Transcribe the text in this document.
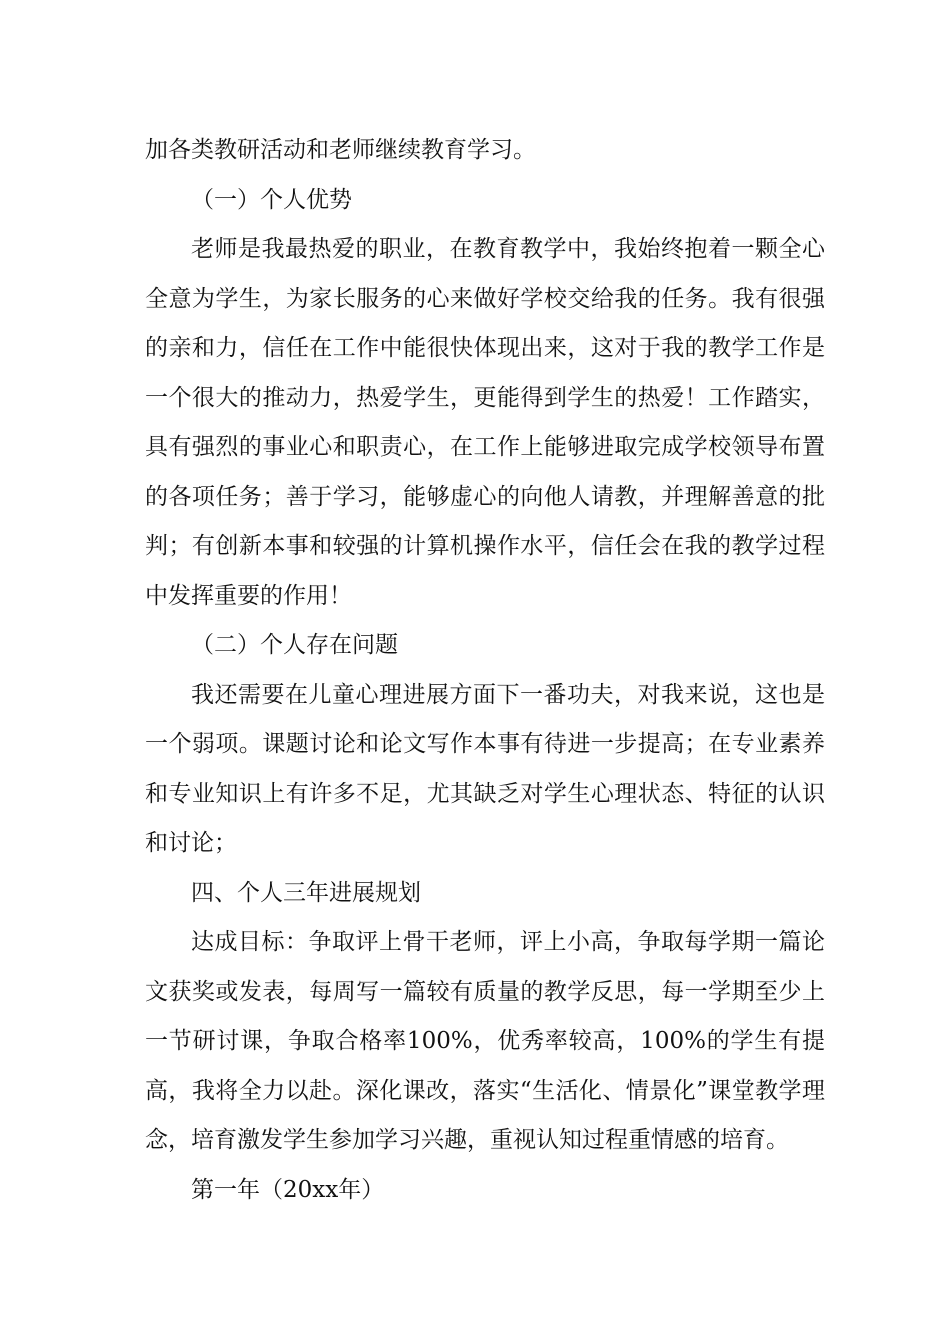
加各类教研活动和老师继续教育学习。

（一）个人优势

老师是我最热爱的职业，在教育教学中，我始终抱着一颗全心全意为学生，为家长服务的心来做好学校交给我的任务。我有很强的亲和力，信任在工作中能很快体现出来，这对于我的教学工作是一个很大的推动力，热爱学生，更能得到学生的热爱！工作踏实，具有强烈的事业心和职责心，在工作上能够进取完成学校领导布置的各项任务；善于学习，能够虚心的向他人请教，并理解善意的批判；有创新本事和较强的计算机操作水平，信任会在我的教学过程中发挥重要的作用！

（二）个人存在问题

我还需要在儿童心理进展方面下一番功夫，对我来说，这也是一个弱项。课题讨论和论文写作本事有待进一步提高；在专业素养和专业知识上有许多不足，尤其缺乏对学生心理状态、特征的认识和讨论；

四、个人三年进展规划

达成目标：争取评上骨干老师，评上小高，争取每学期一篇论文获奖或发表，每周写一篇较有质量的教学反思，每一学期至少上一节研讨课，争取合格率100%，优秀率较高，100%的学生有提高，我将全力以赴。深化课改，落实“生活化、情景化”课堂教学理念，培育激发学生参加学习兴趣，重视认知过程重情感的培育。

第一年（20xx年）
